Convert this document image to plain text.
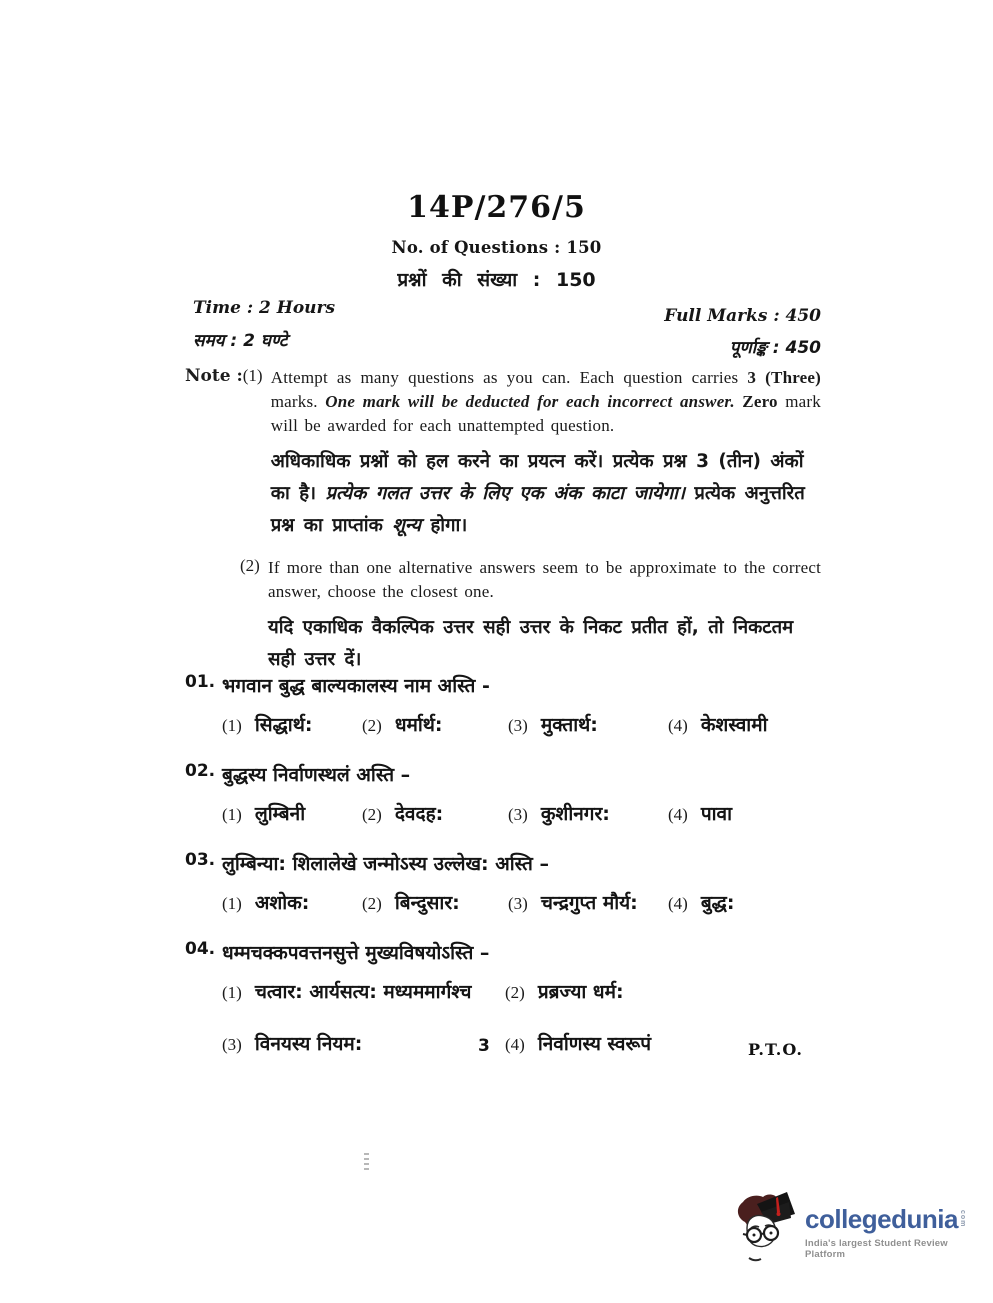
14P/276/5
No. of Questions : 150
प्रश्नों की संख्या : 150
Time : 2 Hours
समय : 2 घण्टे
Full Marks : 450
पूर्णाङ्क : 450
Note : (1) Attempt as many questions as you can. Each question carries 3 (Three) marks. One mark will be deducted for each incorrect answer. Zero mark will be awarded for each unattempted question.
अधिकाधिक प्रश्नों को हल करने का प्रयत्न करें। प्रत्येक प्रश्न 3 (तीन) अंकों का है। प्रत्येक गलत उत्तर के लिए एक अंक काटा जायेगा। प्रत्येक अनुत्तरित प्रश्न का प्राप्तांक शून्य होगा।
(2) If more than one alternative answers seem to be approximate to the correct answer, choose the closest one.
यदि एकाधिक वैकल्पिक उत्तर सही उत्तर के निकट प्रतीत हों, तो निकटतम सही उत्तर दें।
01. भगवान बुद्ध बाल्यकालस्य नाम अस्ति -
(1) सिद्धार्थ:	(2) धर्मार्थ:	(3) मुक्तार्थ:	(4) केशस्वामी
02. बुद्धस्य निर्वाणस्थलं अस्ति –
(1) लुम्बिनी	(2) देवदह:	(3) कुशीनगर:	(4) पावा
03. लुम्बिन्या: शिलालेखे जन्मोऽस्य उल्लेख: अस्ति –
(1) अशोक:	(2) बिन्दुसार:	(3) चन्द्रगुप्त मौर्य: (4) बुद्ध:
04. धम्मचक्कपवत्तनसुत्ते मुख्यविषयोऽस्ति –
(1) चत्वार: आर्यसत्य: मध्यममार्गश्च (2) प्रब्रज्या धर्म:
(3) विनयस्य नियम:	(4) निर्वाणस्य स्वरूपं
3	P.T.O.
collegedunia com
India's largest Student Review Platform
